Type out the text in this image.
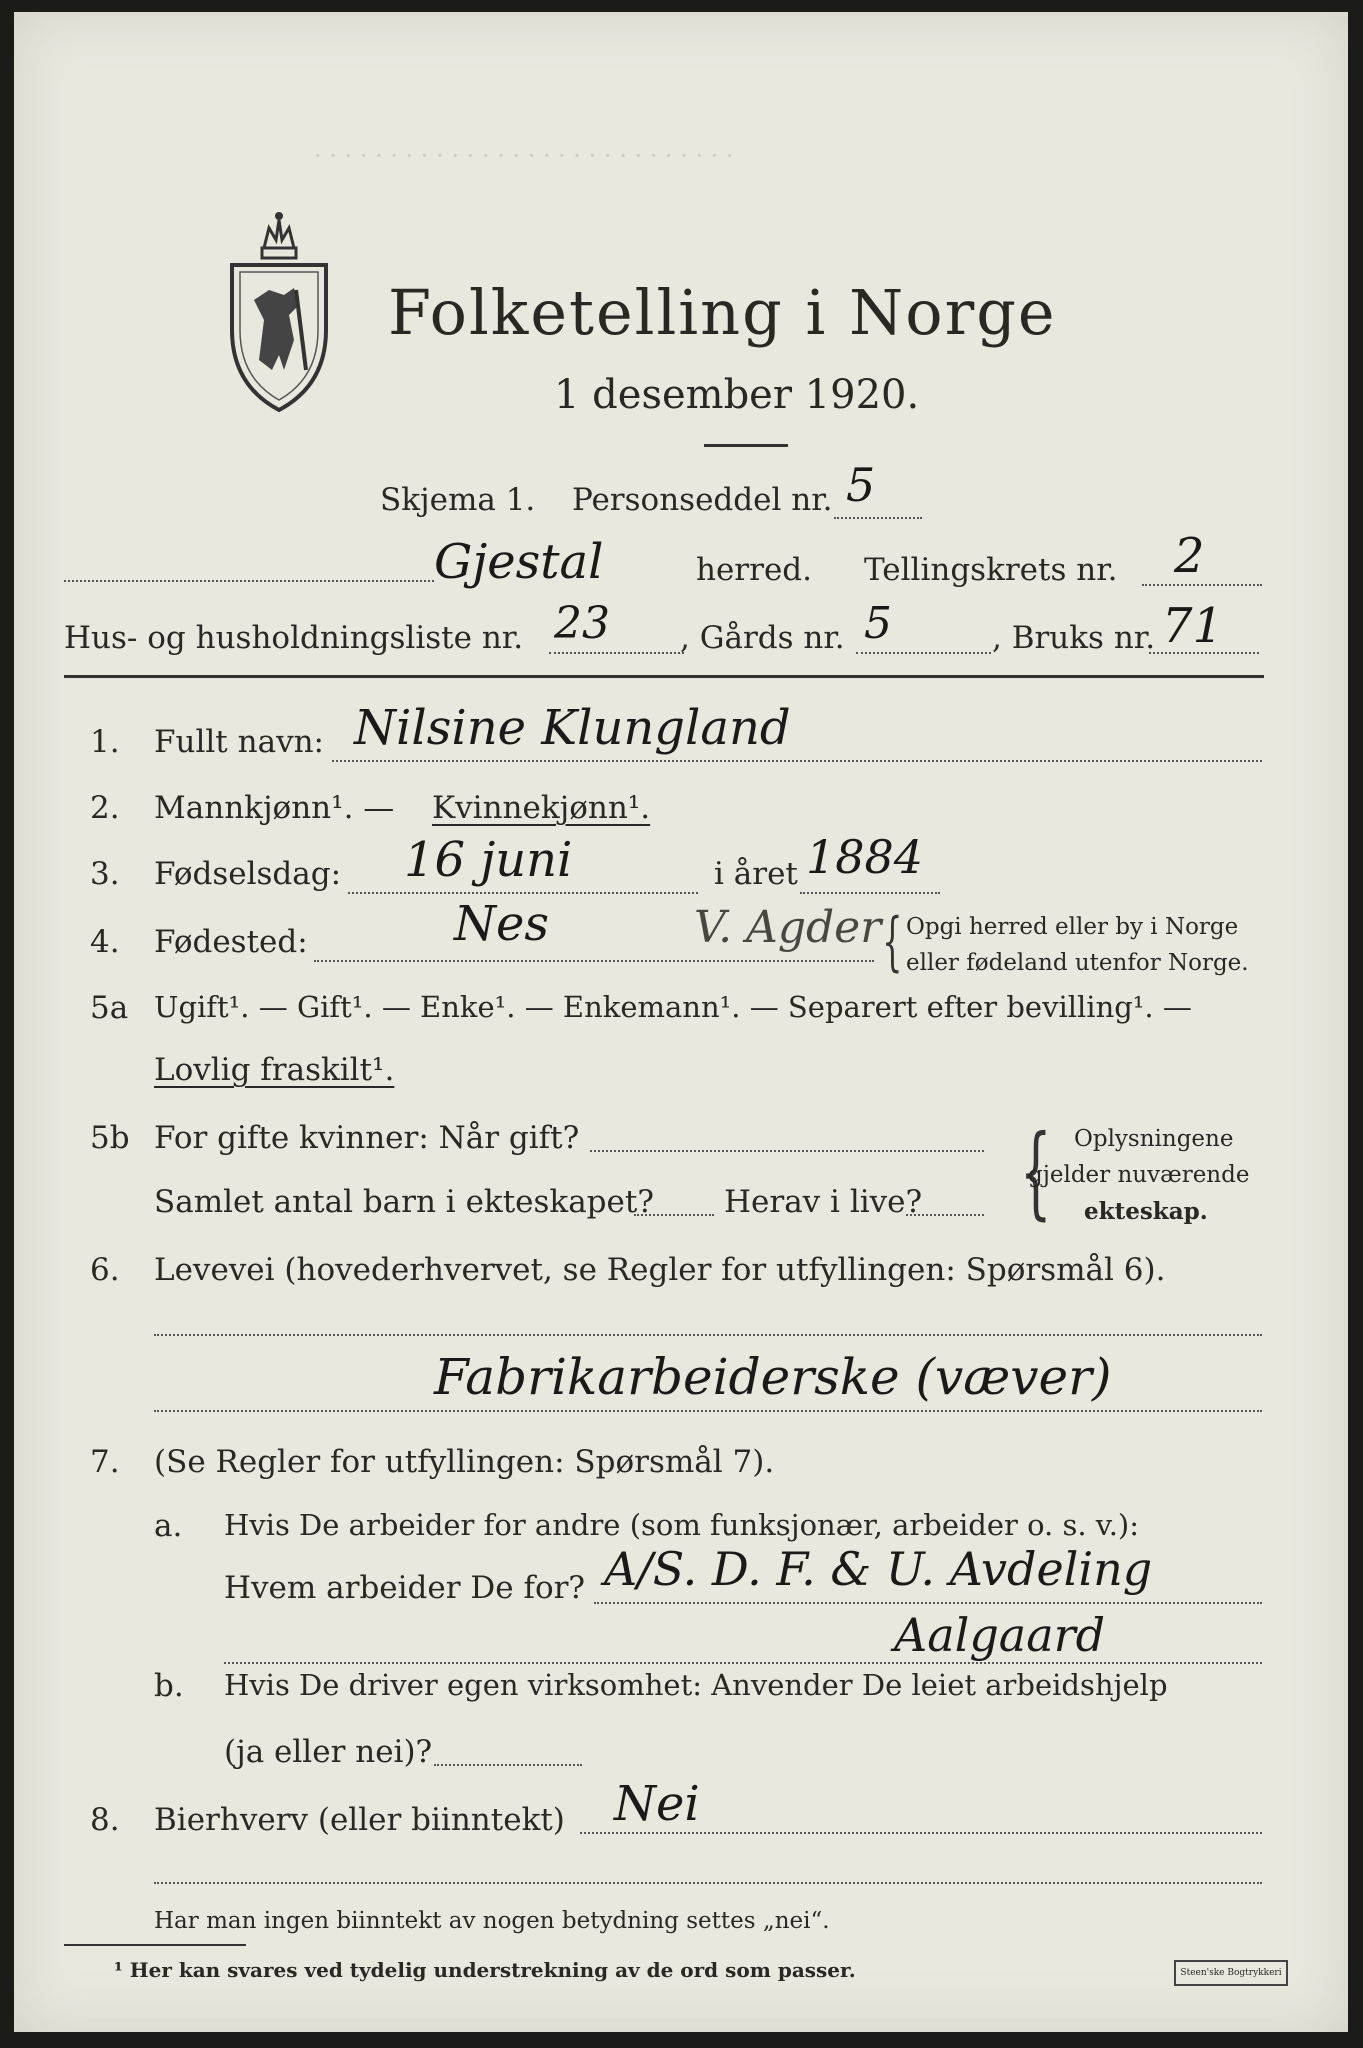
· · · · · · · · · · · · · · · · · · · · · · · · · · · ·
Folketelling i Norge
1 desember 1920.
Skjema 1. Personseddel nr. 5
Gjestal	herred. Tellingskrets nr. 2
Hus- og husholdningsliste nr. 23 , Gårds nr. 5	, Bruks nr. 71
1. Fullt navn: Nilsine Klungland
2. Mannkjønn¹. — Kvinnekjønn¹.
3. Fødselsdag: 16 juni	i året 1884
4. Fødested:	Nes	V. Agder { Opgi herred eller by i Norge
eller fødeland utenfor Norge.
5a Ugift¹. — Gift¹. — Enke¹. — Enkemann¹. — Separert efter bevilling¹. —
Lovlig fraskilt¹.
5b For gifte kvinner: Når gift?
Samlet antal barn i ekteskapet? Herav i live? { Oplysningene
gjelder nuværende
ekteskap.
6. Levevei (hovederhvervet, se Regler for utfyllingen: Spørsmål 6).
Fabrikarbeiderske (væver)
7. (Se Regler for utfyllingen: Spørsmål 7).
a. Hvis De arbeider for andre (som funksjonær, arbeider o. s. v.):
Hvem arbeider De for? A/S. D. F. & U. Avdeling
Aalgaard
b. Hvis De driver egen virksomhet: Anvender De leiet arbeidshjelp
(ja eller nei)?
8. Bierhverv (eller biinntekt) Nei
Har man ingen biinntekt av nogen betydning settes „nei“.
¹ Her kan svares ved tydelig understrekning av de ord som passer.	Steen'ske Bogtrykkeri
